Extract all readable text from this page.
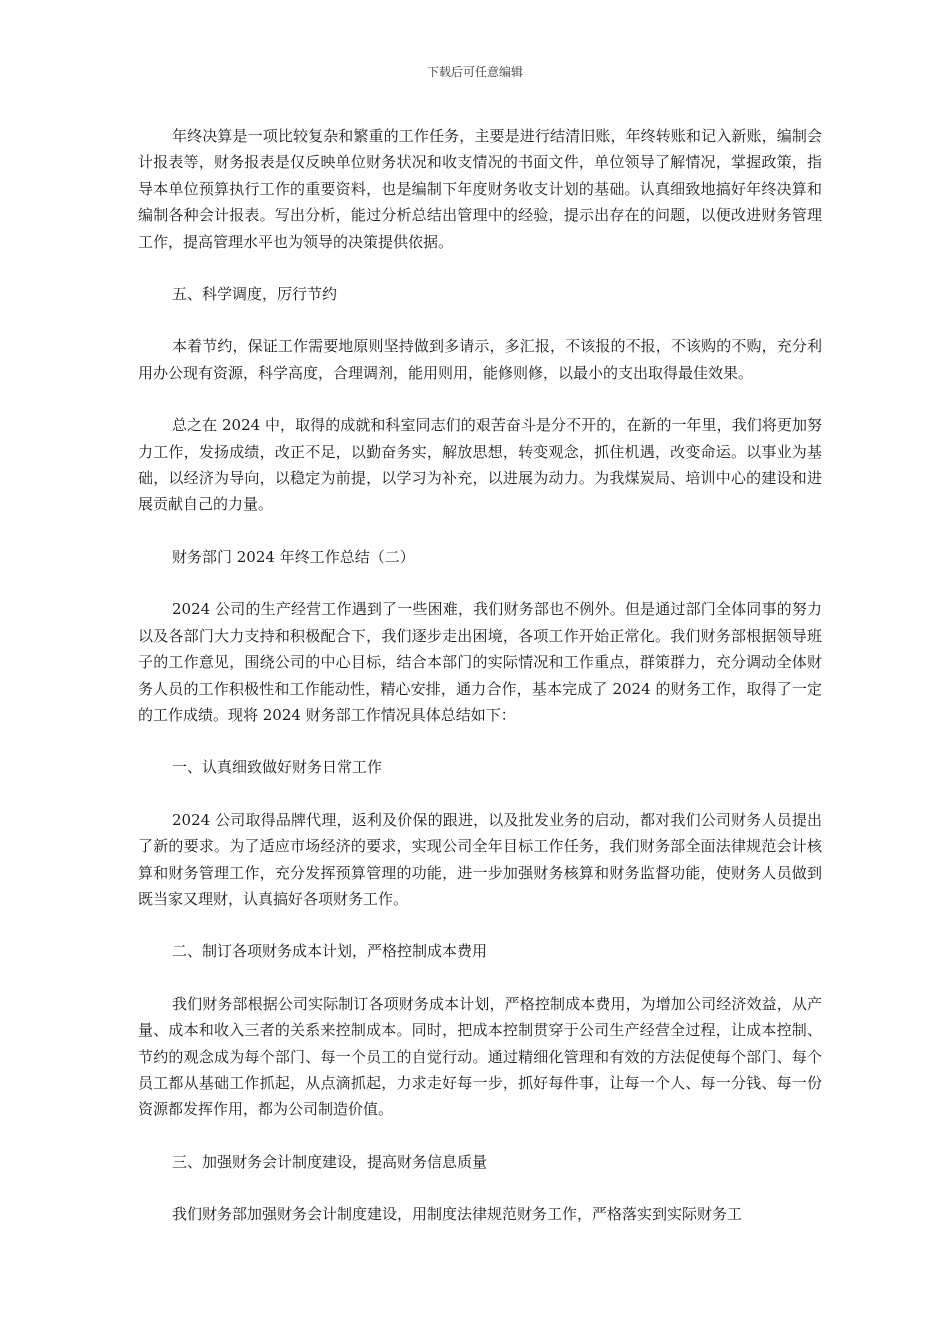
下载后可任意编辑

年终决算是一项比较复杂和繁重的工作任务，主要是进行结清旧账，年终转账和记入新账，编制会计报表等，财务报表是仅反映单位财务状况和收支情况的书面文件，单位领导了解情况，掌握政策，指导本单位预算执行工作的重要资料，也是编制下年度财务收支计划的基础。认真细致地搞好年终决算和编制各种会计报表。写出分析，能过分析总结出管理中的经验，提示出存在的问题，以便改进财务管理工作，提高管理水平也为领导的决策提供依据。

五、科学调度，厉行节约

本着节约，保证工作需要地原则坚持做到多请示，多汇报，不该报的不报，不该购的不购，充分利用办公现有资源，科学高度，合理调剂，能用则用，能修则修，以最小的支出取得最佳效果。

总之在 2024 中，取得的成就和科室同志们的艰苦奋斗是分不开的，在新的一年里，我们将更加努力工作，发扬成绩，改正不足，以勤奋务实，解放思想，转变观念，抓住机遇，改变命运。以事业为基础，以经济为导向，以稳定为前提，以学习为补充，以进展为动力。为我煤炭局、培训中心的建设和进展贡献自己的力量。

财务部门 2024 年终工作总结（二）

2024 公司的生产经营工作遇到了一些困难，我们财务部也不例外。但是通过部门全体同事的努力以及各部门大力支持和积极配合下，我们逐步走出困境，各项工作开始正常化。我们财务部根据领导班子的工作意见，围绕公司的中心目标，结合本部门的实际情况和工作重点，群策群力，充分调动全体财务人员的工作积极性和工作能动性，精心安排，通力合作，基本完成了 2024 的财务工作，取得了一定的工作成绩。现将 2024 财务部工作情况具体总结如下：

一、认真细致做好财务日常工作

2024 公司取得品牌代理，返利及价保的跟进，以及批发业务的启动，都对我们公司财务人员提出了新的要求。为了适应市场经济的要求，实现公司全年目标工作任务，我们财务部全面法律规范会计核算和财务管理工作，充分发挥预算管理的功能，进一步加强财务核算和财务监督功能，使财务人员做到既当家又理财，认真搞好各项财务工作。

二、制订各项财务成本计划，严格控制成本费用

我们财务部根据公司实际制订各项财务成本计划，严格控制成本费用，为增加公司经济效益，从产量、成本和收入三者的关系来控制成本。同时，把成本控制贯穿于公司生产经营全过程，让成本控制、节约的观念成为每个部门、每一个员工的自觉行动。通过精细化管理和有效的方法促使每个部门、每个员工都从基础工作抓起，从点滴抓起，力求走好每一步，抓好每件事，让每一个人、每一分钱、每一份资源都发挥作用，都为公司制造价值。

三、加强财务会计制度建设，提高财务信息质量

我们财务部加强财务会计制度建设，用制度法律规范财务工作，严格落实到实际财务工
